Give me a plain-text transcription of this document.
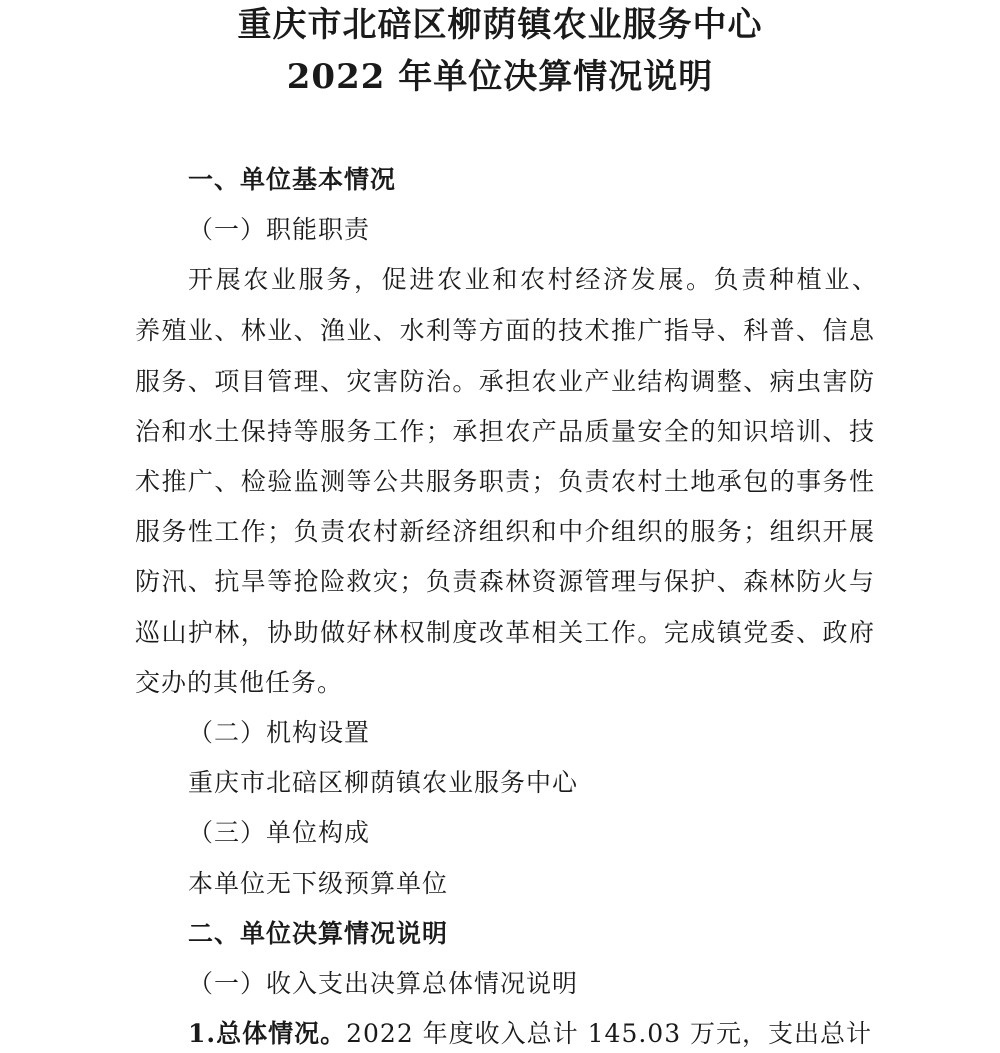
重庆市北碚区柳荫镇农业服务中心
2022 年单位决算情况说明
一、单位基本情况
（一）职能职责
开展农业服务，促进农业和农村经济发展。负责种植业、
养殖业、林业、渔业、水利等方面的技术推广指导、科普、信息
服务、项目管理、灾害防治。承担农业产业结构调整、病虫害防
治和水土保持等服务工作；承担农产品质量安全的知识培训、技
术推广、检验监测等公共服务职责；负责农村土地承包的事务性
服务性工作；负责农村新经济组织和中介组织的服务；组织开展
防汛、抗旱等抢险救灾；负责森林资源管理与保护、森林防火与
巡山护林，协助做好林权制度改革相关工作。完成镇党委、政府
交办的其他任务。
（二）机构设置
重庆市北碚区柳荫镇农业服务中心
（三）单位构成
本单位无下级预算单位
二、单位决算情况说明
（一）收入支出决算总体情况说明
1.总体情况。2022 年度收入总计 145.03 万元，支出总计
